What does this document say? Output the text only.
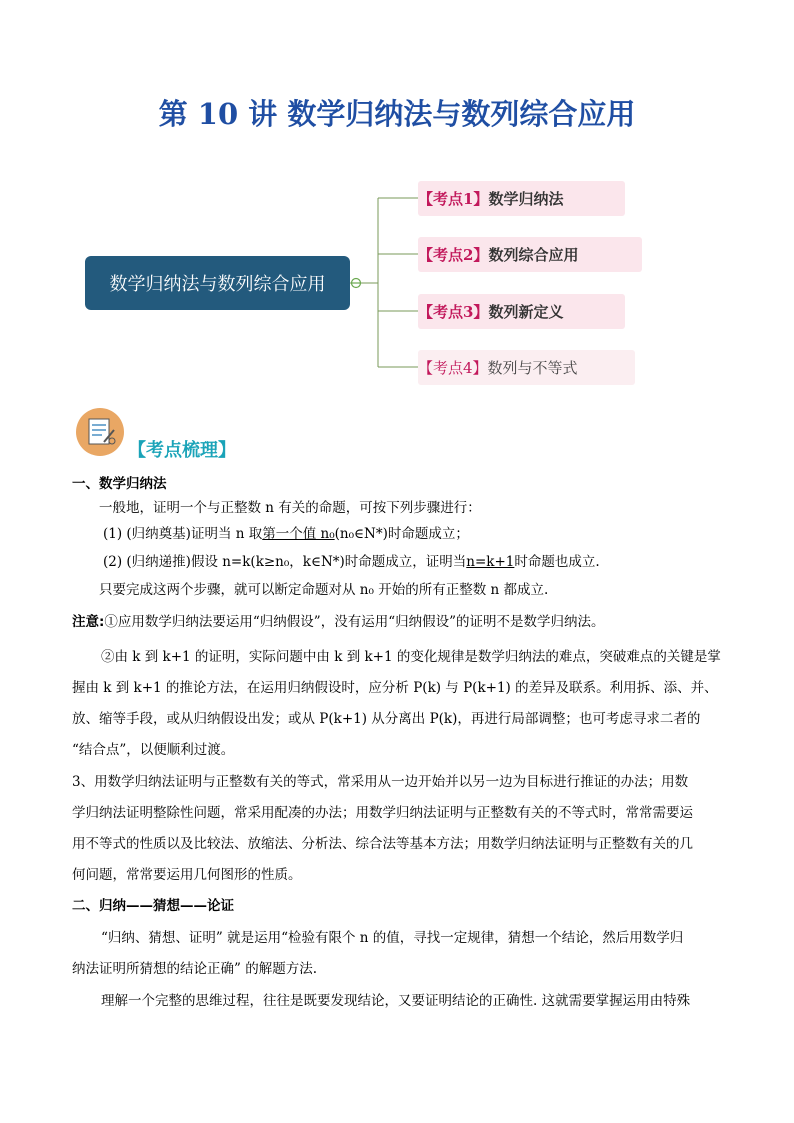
第 10 讲 数学归纳法与数列综合应用
数学归纳法与数列综合应用
【考点1】 数学归纳法
【考点2】 数列综合应用
【考点3】 数列新定义
【考点4】 数列与不等式
【考点梳理】
一、数学归纳法
一般地，证明一个与正整数 n 有关的命题，可按下列步骤进行：
(1) (归纳奠基)证明当 n 取第一个值 n₀(n₀∈N*)时命题成立；
(2) (归纳递推)假设 n=k(k≥n₀，k∈N*)时命题成立，证明当n=k+1时命题也成立.
只要完成这两个步骤，就可以断定命题对从 n₀ 开始的所有正整数 n 都成立.
注意:①应用数学归纳法要运用“归纳假设”，没有运用“归纳假设”的证明不是数学归纳法。
②由 k 到 k+1 的证明，实际问题中由 k 到 k+1 的变化规律是数学归纳法的难点，突破难点的关键是掌
握由 k 到 k+1 的推论方法，在运用归纳假设时，应分析 P(k) 与 P(k+1) 的差异及联系。利用拆、添、并、
放、缩等手段，或从归纳假设出发；或从 P(k+1) 从分离出 P(k)，再进行局部调整；也可考虑寻求二者的
“结合点”，以便顺利过渡。
3、用数学归纳法证明与正整数有关的等式，常采用从一边开始并以另一边为目标进行推证的办法；用数
学归纳法证明整除性问题，常采用配凑的办法；用数学归纳法证明与正整数有关的不等式时，常常需要运
用不等式的性质以及比较法、放缩法、分析法、综合法等基本方法；用数学归纳法证明与正整数有关的几
何问题，常常要运用几何图形的性质。
二、归纳——猜想——论证
“归纳、猜想、证明” 就是运用“检验有限个 n 的值，寻找一定规律，猜想一个结论，然后用数学归
纳法证明所猜想的结论正确” 的解题方法.
理解一个完整的思维过程，往往是既要发现结论，又要证明结论的正确性. 这就需要掌握运用由特殊
